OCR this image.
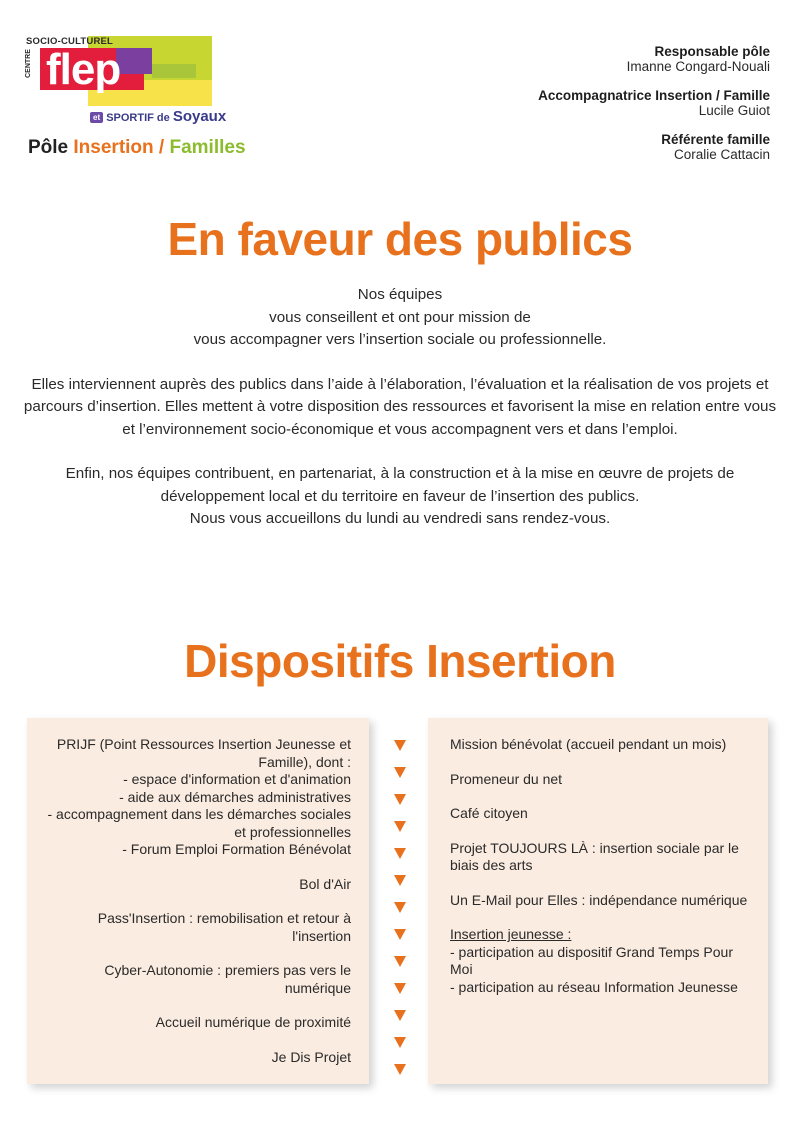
SOCIO-CULTUREL
CENTRE flep
et SPORTIF de Soyaux
Pôle Insertion / Familles
Responsable pôle
Imanne Congard-Nouali
Accompagnatrice Insertion / Famille
Lucile Guiot
Référente famille
Coralie Cattacin
En faveur des publics

Nos équipes
vous conseillent et ont pour mission de
vous accompagner vers l’insertion sociale ou professionnelle.

Elles interviennent auprès des publics dans l’aide à l’élaboration, l’évaluation et la réalisation de vos projets et parcours d’insertion. Elles mettent à votre disposition des ressources et favorisent la mise en relation entre vous et l’environnement socio-économique et vous accompagnent vers et dans l’emploi.

Enfin, nos équipes contribuent, en partenariat, à la construction et à la mise en œuvre de projets de développement local et du territoire en faveur de l’insertion des publics.
Nous vous accueillons du lundi au vendredi sans rendez-vous.

Dispositifs Insertion
PRIJF (Point Ressources Insertion Jeunesse et Famille), dont :
- espace d'information et d'animation
- aide aux démarches administratives
- accompagnement dans les démarches sociales et professionnelles
- Forum Emploi Formation Bénévolat
Bol d'Air
Pass'Insertion : remobilisation et retour à l'insertion
Cyber-Autonomie : premiers pas vers le numérique
Accueil numérique de proximité
Je Dis Projet
Mission bénévolat (accueil pendant un mois)
Promeneur du net
Café citoyen
Projet TOUJOURS LÀ : insertion sociale par le biais des arts
Un E-Mail pour Elles : indépendance numérique
Insertion jeunesse :
- participation au dispositif Grand Temps Pour Moi
- participation au réseau Information Jeunesse
